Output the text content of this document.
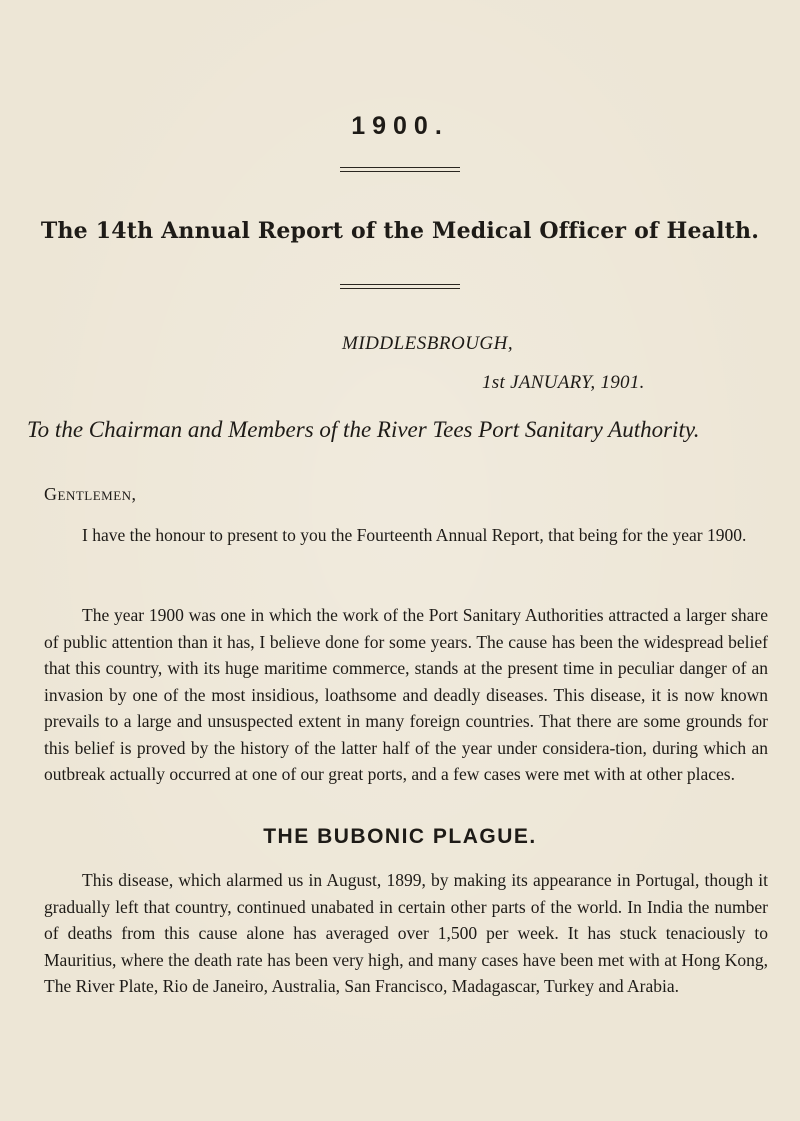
1900.
The 14th Annual Report of the Medical Officer of Health.
MIDDLESBROUGH,
1st JANUARY, 1901.
To the Chairman and Members of the River Tees Port Sanitary Authority.
Gentlemen,

I have the honour to present to you the Fourteenth Annual Report, that being for the year 1900.

The year 1900 was one in which the work of the Port Sanitary Authorities attracted a larger share of public attention than it has, I believe done for some years. The cause has been the widespread belief that this country, with its huge maritime commerce, stands at the present time in peculiar danger of an invasion by one of the most insidious, loathsome and deadly diseases. This disease, it is now known prevails to a large and unsuspected extent in many foreign countries. That there are some grounds for this belief is proved by the history of the latter half of the year under considera-tion, during which an outbreak actually occurred at one of our great ports, and a few cases were met with at other places.

THE BUBONIC PLAGUE.

This disease, which alarmed us in August, 1899, by making its appearance in Portugal, though it gradually left that country, continued unabated in certain other parts of the world. In India the number of deaths from this cause alone has averaged over 1,500 per week. It has stuck tenaciously to Mauritius, where the death rate has been very high, and many cases have been met with at Hong Kong, The River Plate, Rio de Janeiro, Australia, San Francisco, Madagascar, Turkey and Arabia.
